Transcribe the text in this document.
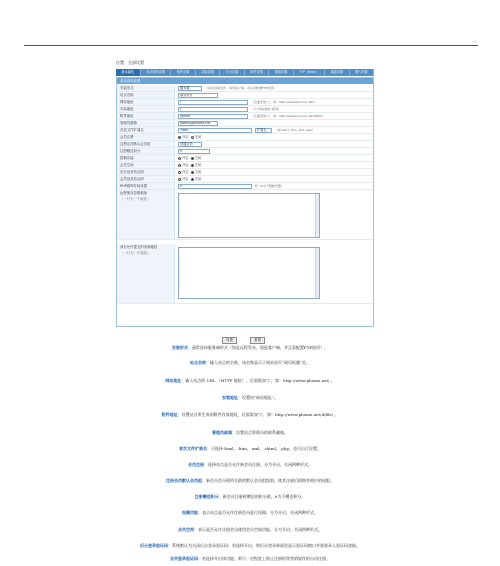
.
位置：全部设置
基本属性	全站调用设置	附件设置	功能设置	安全设置	邮件设置	模板设置	FTP（Beta）	频道设置	图片设置
基本选项设置
安装形式	服务器	（如是远程发布，请选客户端，并且需配置FTP选项）
站点名称	惠普软件
网站地址	/	（后面需加“/”，如：http://www.phome.net/）
安装地址	/	（与“网站地址”相同）
附件地址	/d/file/	（后面需加“/”，如：http://www.phome.net/d/file/）
管理员邮箱	admin@phome.net
首页文件扩展名	.html	扩展名	（如.html,.htm,.xml,.php）
会员注册	开启 关闭
注册会员默认会员组	普通会员
注册赠送积分	0
投稿功能	开启 关闭
会员空间	开启 关闭
后台登录验证码	开启 关闭
会员登录验证码	开启 关闭
PHP超时时间设置	0	秒（0为不限制设置）
远程保存忽略地址
（一行为一个地址）
前台允许提交的来源地址
（一行为一个地址）
设置	重置
安装形式：通常选择服务端形式（如是远程发布，请选客户端，并且需配置FTP选项）。
站点名称：输入站点的名称，该名称显示于网站首页“网页标题”处。
网站地址：输入站点的 URL （HTTP 地址），后面需加“/”，如：http://www.phome.net/ 。
安装地址：设置同“网站地址”。
附件地址：设置站点所生成的附件存放地址，后面需加“/”，如：http://www.phome.net/d/file/ 。
管理员邮箱：设置站点管理员的联系邮箱。
首页文件扩展名：可选择.html，.htm，.xml，.shtml，.php，也可自行设置。
会员注册：选择站点是否允许新会员注册，分为开启、关闭两种形式。
注册会员默认会员组：新会员会员视所关联的默认会员组级别，使其注册后即拥有相应的权限。
注册赠送积分：新会员注册时赠送的积分值，0为不赠送积分。
投稿功能：表示站点是否允许注册会员进行投稿，分为开启、关闭两种形式。
会员空间：表示是否允许注册会员使用会员空间功能，分为开启、关闭两种形式。
后台登录验证码：系统默认为关闭后台登录验证码；若选择开启，则后台登录界面会显示验证码窗口并需要录入验证码登陆。
会员登录验证码：若选择开启该功能，则可一定程度上防止注册机等营销软件的自动注册。
